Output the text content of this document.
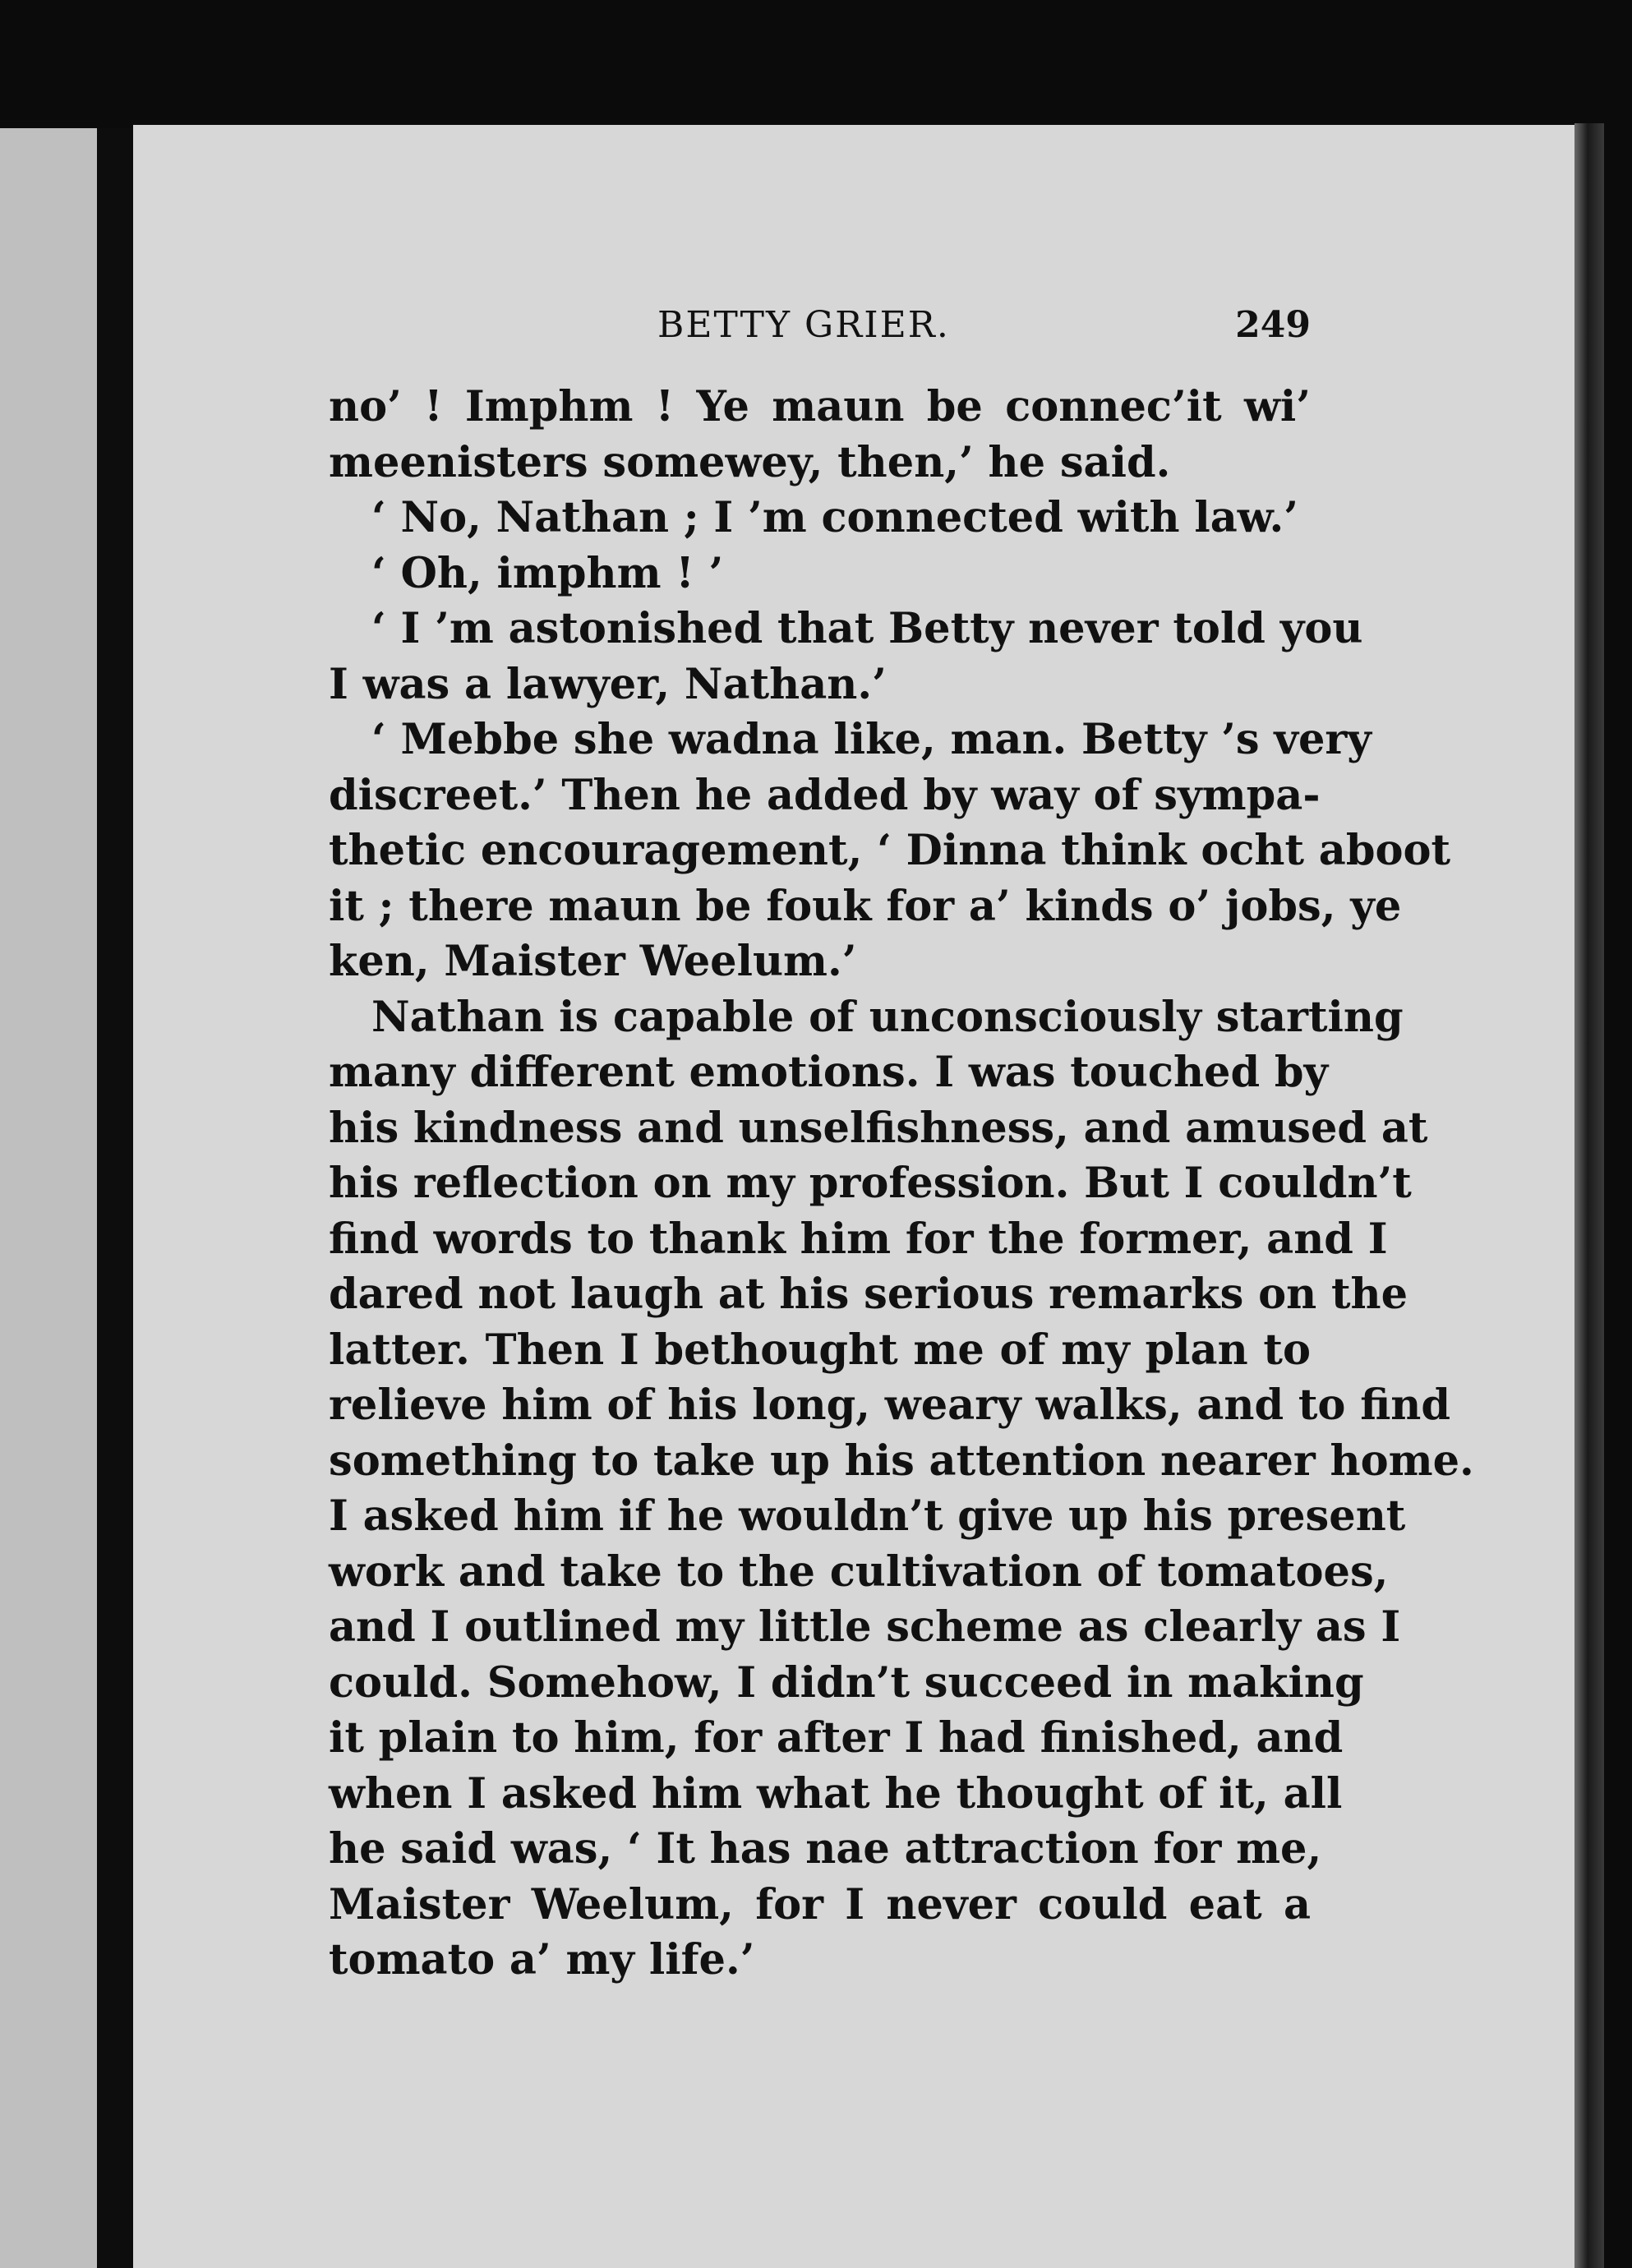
BETTY GRIER.	249
no’ ! Imphm ! Ye maun be connec’it wi’
meenisters somewey, then,’ he said.
‘ No, Nathan ; I ’m connected with law.’
‘ Oh, imphm ! ’
‘ I ’m astonished that Betty never told you
I was a lawyer, Nathan.’
‘ Mebbe she wadna like, man. Betty ’s very
discreet.’ Then he added by way of sympa-
thetic encouragement, ‘ Dinna think ocht aboot
it ; there maun be fouk for a’ kinds o’ jobs, ye
ken, Maister Weelum.’
Nathan is capable of unconsciously starting
many different emotions. I was touched by
his kindness and unselfishness, and amused at
his reflection on my profession. But I couldn’t
find words to thank him for the former, and I
dared not laugh at his serious remarks on the
latter. Then I bethought me of my plan to
relieve him of his long, weary walks, and to find
something to take up his attention nearer home.
I asked him if he wouldn’t give up his present
work and take to the cultivation of tomatoes,
and I outlined my little scheme as clearly as I
could. Somehow, I didn’t succeed in making
it plain to him, for after I had finished, and
when I asked him what he thought of it, all
he said was, ‘ It has nae attraction for me,
Maister Weelum, for I never could eat a
tomato a’ my life.’
